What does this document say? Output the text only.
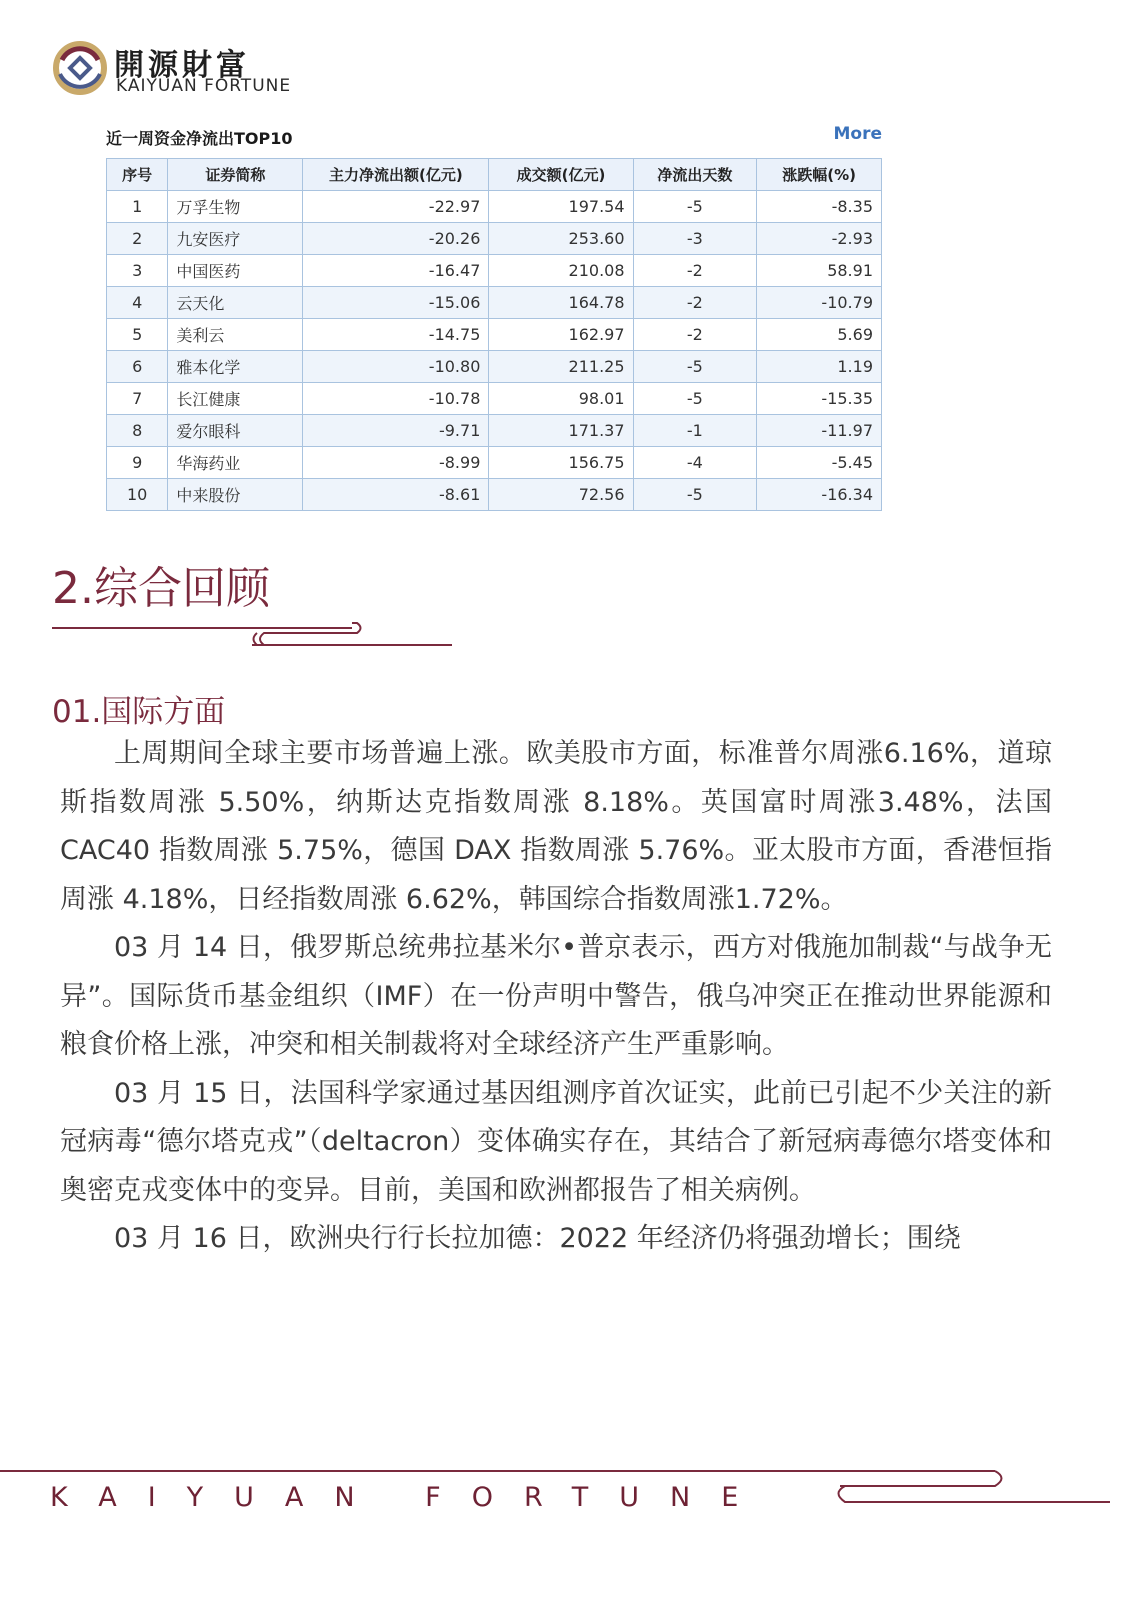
開源財富
KAIYUAN FORTUNE
近一周资金净流出TOP10	More
序号	证券简称	主力净流出额(亿元)	成交额(亿元)	净流出天数	涨跌幅(%)
1	万孚生物	-22.97	197.54	-5	-8.35
2	九安医疗	-20.26	253.60	-3	-2.93
3	中国医药	-16.47	210.08	-2	58.91
4	云天化	-15.06	164.78	-2	-10.79
5	美利云	-14.75	162.97	-2	5.69
6	雅本化学	-10.80	211.25	-5	1.19
7	长江健康	-10.78	98.01	-5	-15.35
8	爱尔眼科	-9.71	171.37	-1	-11.97
9	华海药业	-8.99	156.75	-4	-5.45
10	中来股份	-8.61	72.56	-5	-16.34
2.综合回顾
01.国际方面

上周期间全球主要市场普遍上涨。欧美股市方面，标准普尔周涨6.16%，道琼斯指数周涨 5.50%，纳斯达克指数周涨 8.18%。英国富时周涨3.48%，法国 CAC40 指数周涨 5.75%，德国 DAX 指数周涨 5.76%。亚太股市方面，香港恒指周涨 4.18%，日经指数周涨 6.62%，韩国综合指数周涨1.72%。

03 月 14 日，俄罗斯总统弗拉基米尔•普京表示，西方对俄施加制裁“与战争无异”。国际货币基金组织（IMF）在一份声明中警告，俄乌冲突正在推动世界能源和粮食价格上涨，冲突和相关制裁将对全球经济产生严重影响。

03 月 15 日，法国科学家通过基因组测序首次证实，此前已引起不少关注的新冠病毒“德尔塔克戎”（deltacron）变体确实存在，其结合了新冠病毒德尔塔变体和奥密克戎变体中的变异。目前，美国和欧洲都报告了相关病例。

03 月 16 日，欧洲央行行长拉加德：2022 年经济仍将强劲增长；围绕

KAIYUAN FORTUNE
